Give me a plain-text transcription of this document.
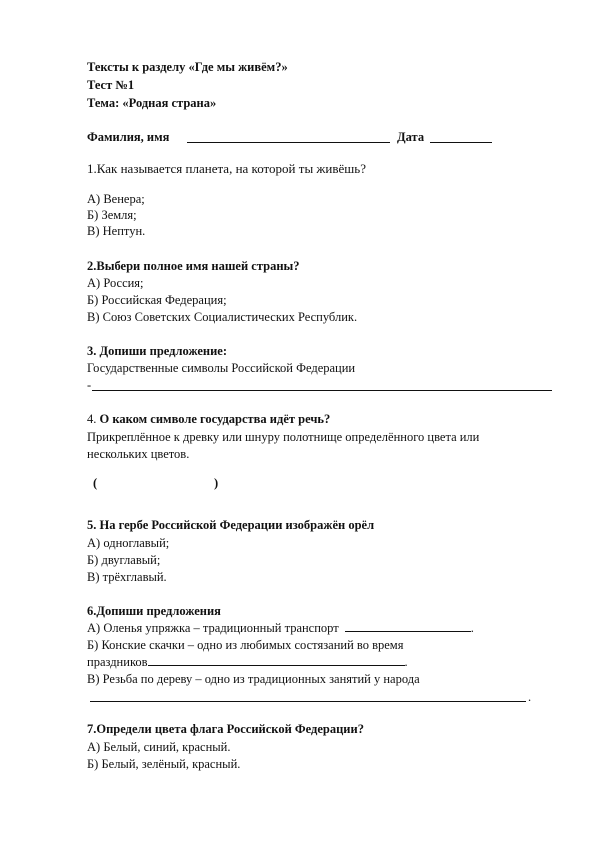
Тексты к разделу «Где мы живём?»
Тест №1
Тема: «Родная страна»
Фамилия, имя	Дата
1.Как называется планета, на которой ты живёшь?
А) Венера;
Б) Земля;
В) Нептун.
2.Выбери полное имя нашей страны?
А) Россия;
Б) Российская Федерация;
В) Союз Советских Социалистических Республик.
3. Допиши предложение:
Государственные символы Российской Федерации
-
4. О каком символе государства идёт речь?
Прикреплённое к древку или шнуру полотнище определённого цвета или
нескольких цветов.
(	)
5. На гербе Российской Федерации изображён орёл
А) одноглавый;
Б) двуглавый;
В) трёхглавый.
6.Допиши предложения
А) Оленья упряжка – традиционный транспорт	.
Б) Конские скачки – одно из любимых состязаний во время
праздников	.
В) Резьба по дереву – одно из традиционных занятий у народа
.
7.Определи цвета флага Российской Федерации?
А) Белый, синий, красный.
Б) Белый, зелёный, красный.
